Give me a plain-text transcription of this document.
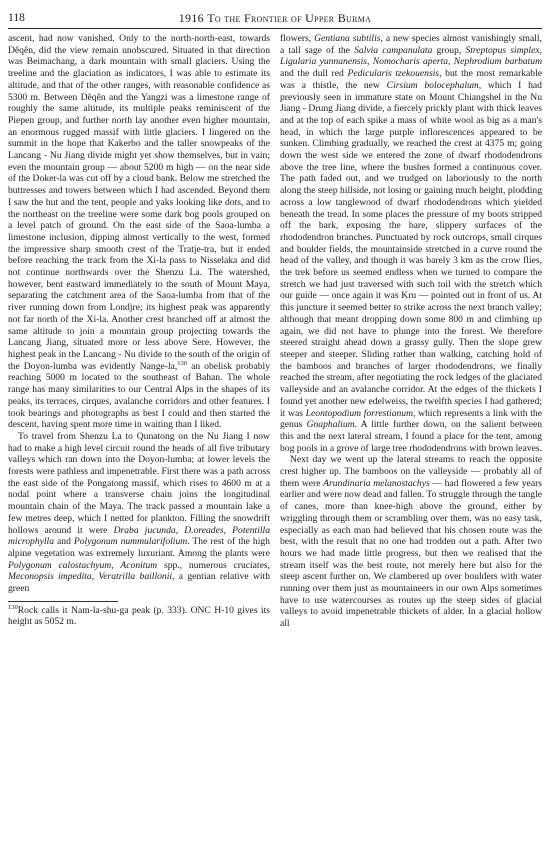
118	1916 To the Frontier of Upper Burma

ascent, had now vanished. Only to the north-north-east, towards Dêqên, did the view remain unobscured. Situated in that direction was Beimachang, a dark mountain with small glaciers. Using the treeline and the glaciation as indicators, I was able to estimate its altitude, and that of the other ranges, with reasonable confidence as 5300 m. Between Dêqên and the Yangzi was a limestone range of roughly the same altitude, its multiple peaks reminiscent of the Piepen group, and further north lay another even higher mountain, an enormous rugged massif with little glaciers. I lingered on the summit in the hope that Kakerbo and the taller snowpeaks of the Lancang - Nu Jiang divide might yet show themselves, but in vain; even the mountain group — about 5200 m high — on the near side of the Doker-la was cut off by a cloud bank. Below me stretched the buttresses and towers between which I had ascended. Beyond them I saw the hut and the tent, people and yaks looking like dots, and to the northeast on the treeline were some dark bog pools grouped on a level patch of ground. On the east side of the Saoa-lumba a limestone inclusion, dipping almost vertically to the west, formed the impressive sharp smooth crest of the Tratje-tra, but it ended before reaching the track from the Xi-la pass to Nisselaka and did not continue northwards over the Shenzu La. The watershed, however, bent eastward immediately to the south of Mount Maya, separating the catchment area of the Saoa-lumba from that of the river running down from Londjre; its highest peak was apparently not far north of the Xi-la. Another crest branched off at almost the same altitude to join a mountain group projecting towards the Lancang Jiang, situated more or less above Sere. However, the highest peak in the Lancang - Nu divide to the south of the origin of the Doyon-lumba was evidently Nange-la,$^{130}$ an obelisk probably reaching 5000 m located to the southeast of Bahan. The whole range has many similarities to our Central Alps in the shapes of its peaks, its terraces, cirques, avalanche corridors and other features. I took bearings and photographs as best I could and then started the descent, having spent more time in waiting than I liked.

To travel from Shenzu La to Qunatong on the Nu Jiang I now had to make a high level circuit round the heads of all five tributary valleys which ran down into the Doyon-lumba; at lower levels the forests were pathless and impenetrable. First there was a path across the east side of the Pongatong massif, which rises to 4600 m at a nodal point where a transverse chain joins the longitudinal mountain chain of the Maya. The track passed a mountain lake a few metres deep, which I netted for plankton. Filling the snowdrift hollows around it were Draba jucunda, D.oreades, Potentilla microphylla and Polygonum nummularifolium. The rest of the high alpine vegetation was extremely luxuriant. Among the plants were Polygonum calostachyum, Aconitum spp., numerous cruciates, Meconopsis impedita, Veratrilla baillonii, a gentian relative with green

$^{130}$Rock calls it Nam-la-shu-ga peak (p. 333). ONC H-10 gives its height as 5052 m.

flowers, Gentiana subtilis, a new species almost vanishingly small, a tall sage of the Salvia campanulata group, Streptopus simplex, Ligularia yunnanensis, Nomocharis aperta, Nephrodium barbatum and the dull red Pedicularis tzekouensis, but the most remarkable was a thistle, the new Cirsium bolocephalum, which I had previously seen in immature state on Mount Chiangshel in the Nu Jiang - Drung Jiang divide, a fiercely prickly plant with thick leaves and at the top of each spike a mass of white wool as big as a man's head, in which the large purple inflorescences appeared to be sunken. Climbing gradually, we reached the crest at 4375 m; going down the west side we entered the zone of dwarf rhododendrons above the tree line, where the bushes formed a continuous cover. The path faded out, and we trudged on laboriously to the north along the steep hillside, not losing or gaining much height, plodding across a low tanglewood of dwarf rhododendrons which yielded beneath the tread. In some places the pressure of my boots stripped off the bark, exposing the bare, slippery surfaces of the rhododendron branches. Punctuated by rock outcrops, small cirques and boulder fields, the mountainside stretched in a curve round the head of the valley, and though it was barely 3 km as the crow flies, the trek before us seemed endless when we turned to compare the stretch we had just traversed with such toil with the stretch which our guide — once again it was Kru — pointed out in front of us. At this juncture it seemed better to strike across the next branch valley; although that meant dropping down some 800 m and climbing up again, we did not have to plunge into the forest. We therefore steered straight ahead down a grassy gully. Then the slope grew steeper and steeper. Sliding rather than walking, catching hold of the bamboos and branches of larger rhododendrons, we finally reached the stream, after negotiating the rock ledges of the glaciated valleyside and an avalanche corridor. At the edges of the thickets I found yet another new edelweiss, the twelfth species I had gathered; it was Leontopodium forrestianum, which represents a link with the genus Gnaphalium. A little further down, on the salient between this and the next lateral stream, I found a place for the tent, among bog pools in a grove of large tree rhododendrons with brown leaves.

Next day we went up the lateral streams to reach the opposite crest higher up. The bamboos on the valleyside — probably all of them were Arundinaria melanostachys — had flowered a few years earlier and were now dead and fallen. To struggle through the tangle of canes, more than knee-high above the ground, either by wriggling through them or scrambling over them, was no easy task, especially as each man had believed that his chosen route was the best, with the result that no one had trodden out a path. After two hours we had made little progress, but then we realised that the stream itself was the best route, not merely here but also for the steep ascent further on. We clambered up over boulders with water running over them just as mountaineers in our own Alps sometimes have to use watercourses as routes up the steep sides of glacial valleys to avoid impenetrable thickets of alder. In a glacial hollow all
